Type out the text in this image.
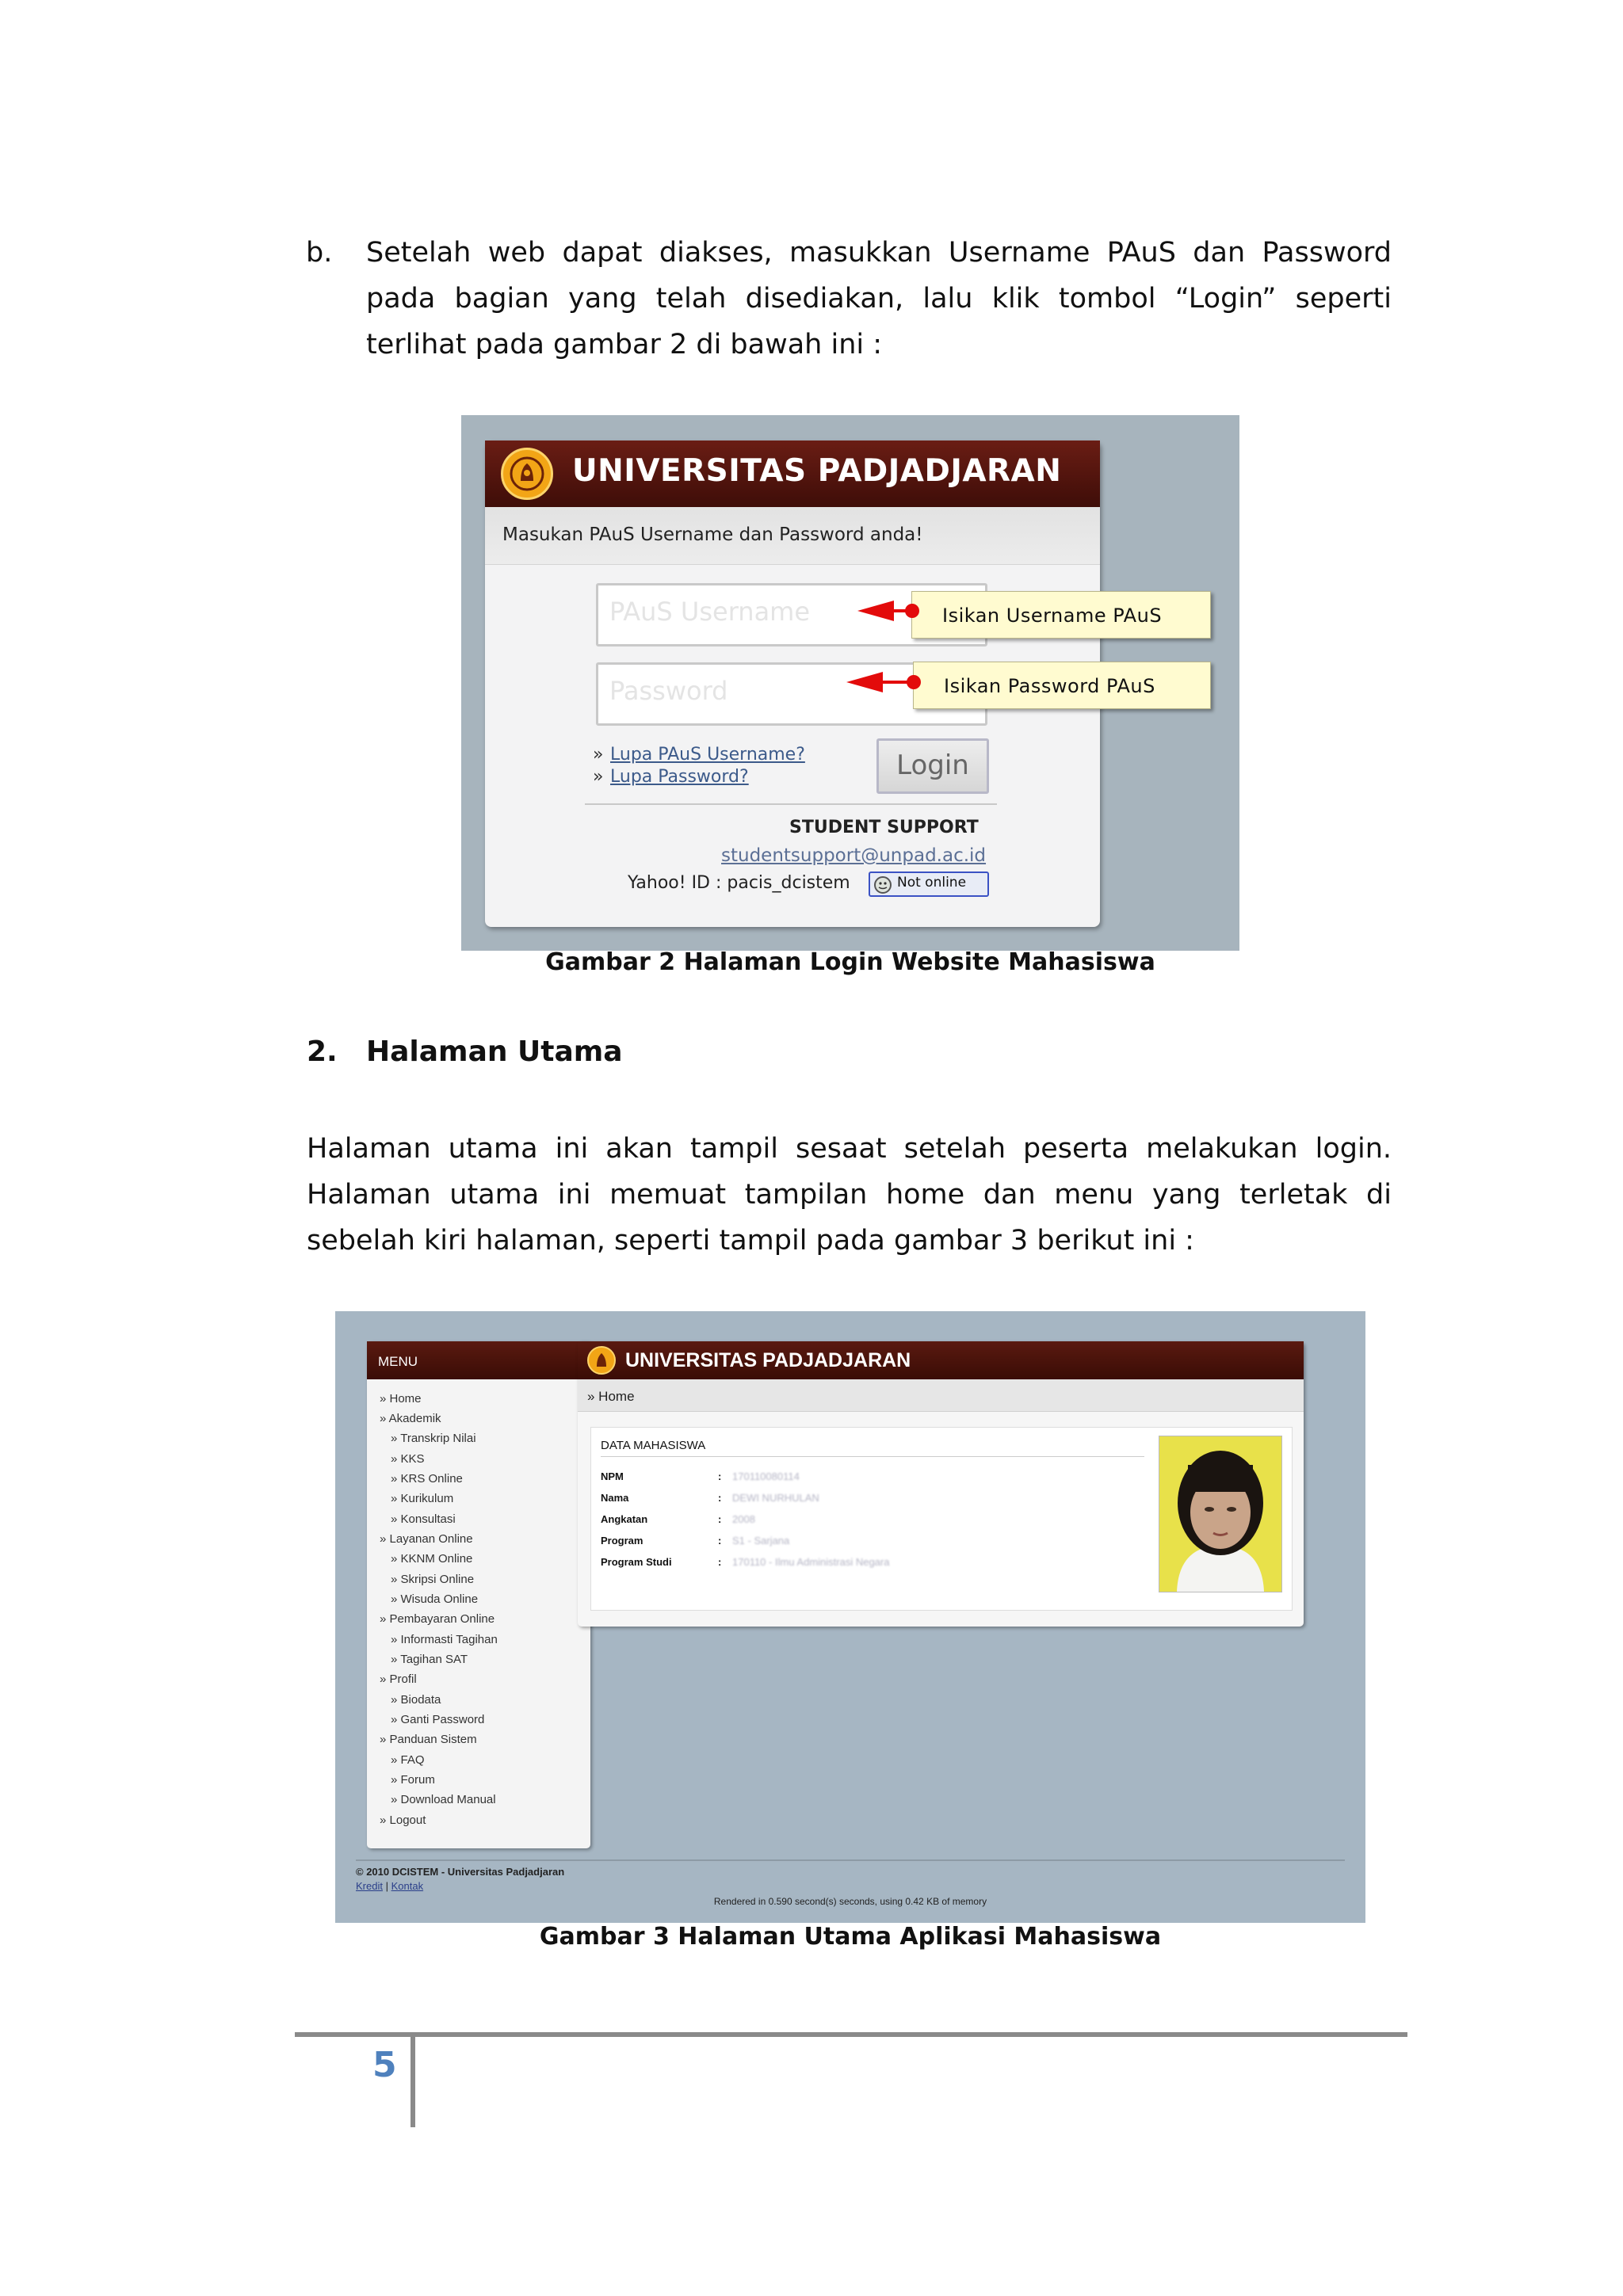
b. Setelah web dapat diakses, masukkan Username PAuS dan Password pada bagian yang telah disediakan, lalu klik tombol “Login” seperti terlihat pada gambar 2 di bawah ini :
UNIVERSITAS PADJADJARAN
Masukan PAuS Username dan Password anda!
PAuS Username
Password
Isikan Username PAuS
Isikan Password PAuS
» Lupa PAuS Username?
» Lupa Password?	Login
STUDENT SUPPORT
studentsupport@unpad.ac.id
Yahoo! ID : pacis_dcistem	Not online
Gambar 2 Halaman Login Website Mahasiswa
2. Halaman Utama
Halaman utama ini akan tampil sesaat setelah peserta melakukan login. Halaman utama ini memuat tampilan home dan menu yang terletak di sebelah kiri halaman, seperti tampil pada gambar 3 berikut ini :
MENU
» Home
» Akademik
» Transkrip Nilai
» KKS
» KRS Online
» Kurikulum
» Konsultasi
» Layanan Online
» KKNM Online
» Skripsi Online
» Wisuda Online
» Pembayaran Online
» Informasti Tagihan
» Tagihan SAT
» Profil
» Biodata
» Ganti Password
» Panduan Sistem
» FAQ
» Forum
» Download Manual
» Logout
UNIVERSITAS PADJADJARAN
» Home
DATA MAHASISWA
NPM	: 170110080114
Nama	: DEWI NURHULAN
Angkatan	: 2008
Program	: S1 - Sarjana
Program Studi	: 170110 - Ilmu Administrasi Negara
© 2010 DCISTEM - Universitas Padjadjaran
Kredit | Kontak
Rendered in 0.590 second(s) seconds, using 0.42 KB of memory
Gambar 3 Halaman Utama Aplikasi Mahasiswa
5
